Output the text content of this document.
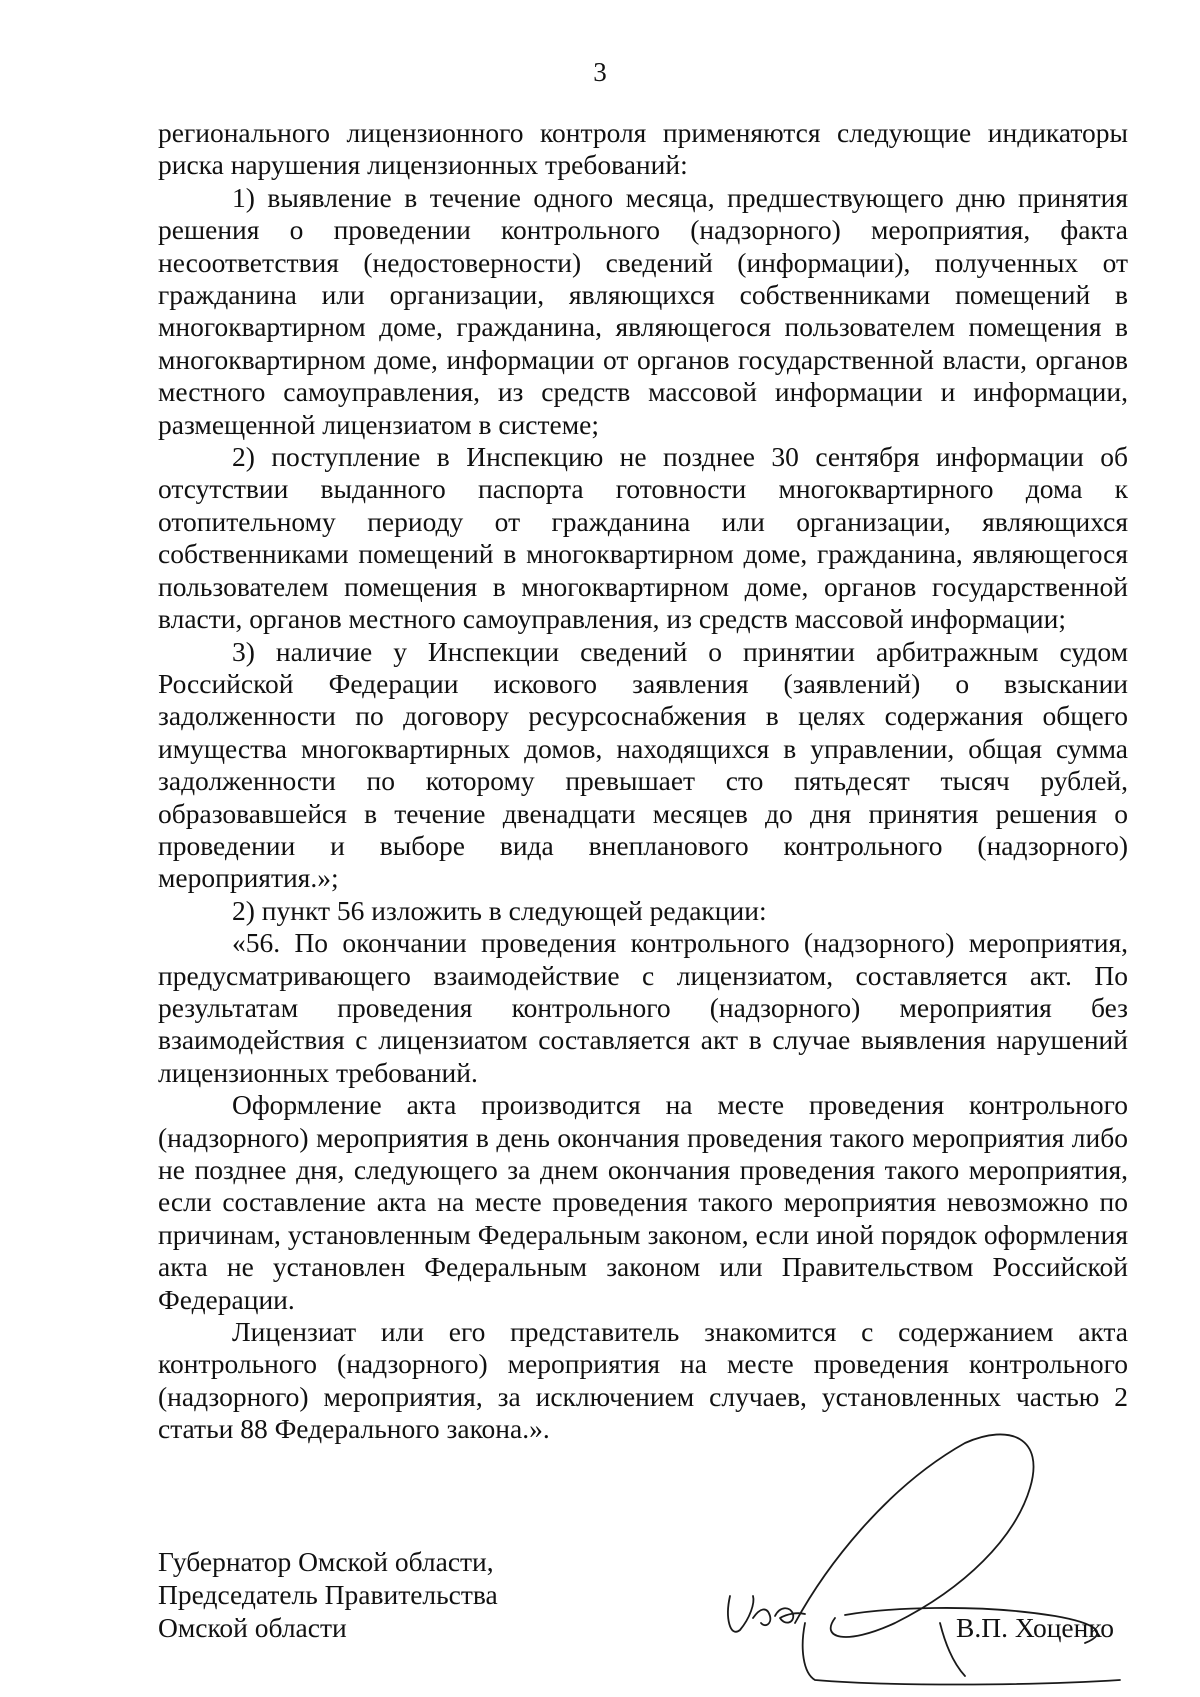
3

регионального лицензионного контроля применяются следующие индикаторы риска нарушения лицензионных требований:

1) выявление в течение одного месяца, предшествующего дню принятия решения о проведении контрольного (надзорного) мероприятия, факта несоответствия (недостоверности) сведений (информации), полученных от гражданина или организации, являющихся собственниками помещений в многоквартирном доме, гражданина, являющегося пользователем помещения в многоквартирном доме, информации от органов государственной власти, органов местного самоуправления, из средств массовой информации и информации, размещенной лицензиатом в системе;

2) поступление в Инспекцию не позднее 30 сентября информации об отсутствии выданного паспорта готовности многоквартирного дома к отопительному периоду от гражданина или организации, являющихся собственниками помещений в многоквартирном доме, гражданина, являющегося пользователем помещения в многоквартирном доме, органов государственной власти, органов местного самоуправления, из средств массовой информации;

3) наличие у Инспекции сведений о принятии арбитражным судом Российской Федерации искового заявления (заявлений) о взыскании задолженности по договору ресурсоснабжения в целях содержания общего имущества многоквартирных домов, находящихся в управлении, общая сумма задолженности по которому превышает сто пятьдесят тысяч рублей, образовавшейся в течение двенадцати месяцев до дня принятия решения о проведении и выборе вида внепланового контрольного (надзорного) мероприятия.»;

2) пункт 56 изложить в следующей редакции:

«56. По окончании проведения контрольного (надзорного) мероприятия, предусматривающего взаимодействие с лицензиатом, составляется акт. По результатам проведения контрольного (надзорного) мероприятия без взаимодействия с лицензиатом составляется акт в случае выявления нарушений лицензионных требований.

Оформление акта производится на месте проведения контрольного (надзорного) мероприятия в день окончания проведения такого мероприятия либо не позднее дня, следующего за днем окончания проведения такого мероприятия, если составление акта на месте проведения такого мероприятия невозможно по причинам, установленным Федеральным законом, если иной порядок оформления акта не установлен Федеральным законом или Правительством Российской Федерации.

Лицензиат или его представитель знакомится с содержанием акта контрольного (надзорного) мероприятия на месте проведения контрольного (надзорного) мероприятия, за исключением случаев, установленных частью 2 статьи 88 Федерального закона.».

Губернатор Омской области,
Председатель Правительства
Омской области	В.П. Хоценко
